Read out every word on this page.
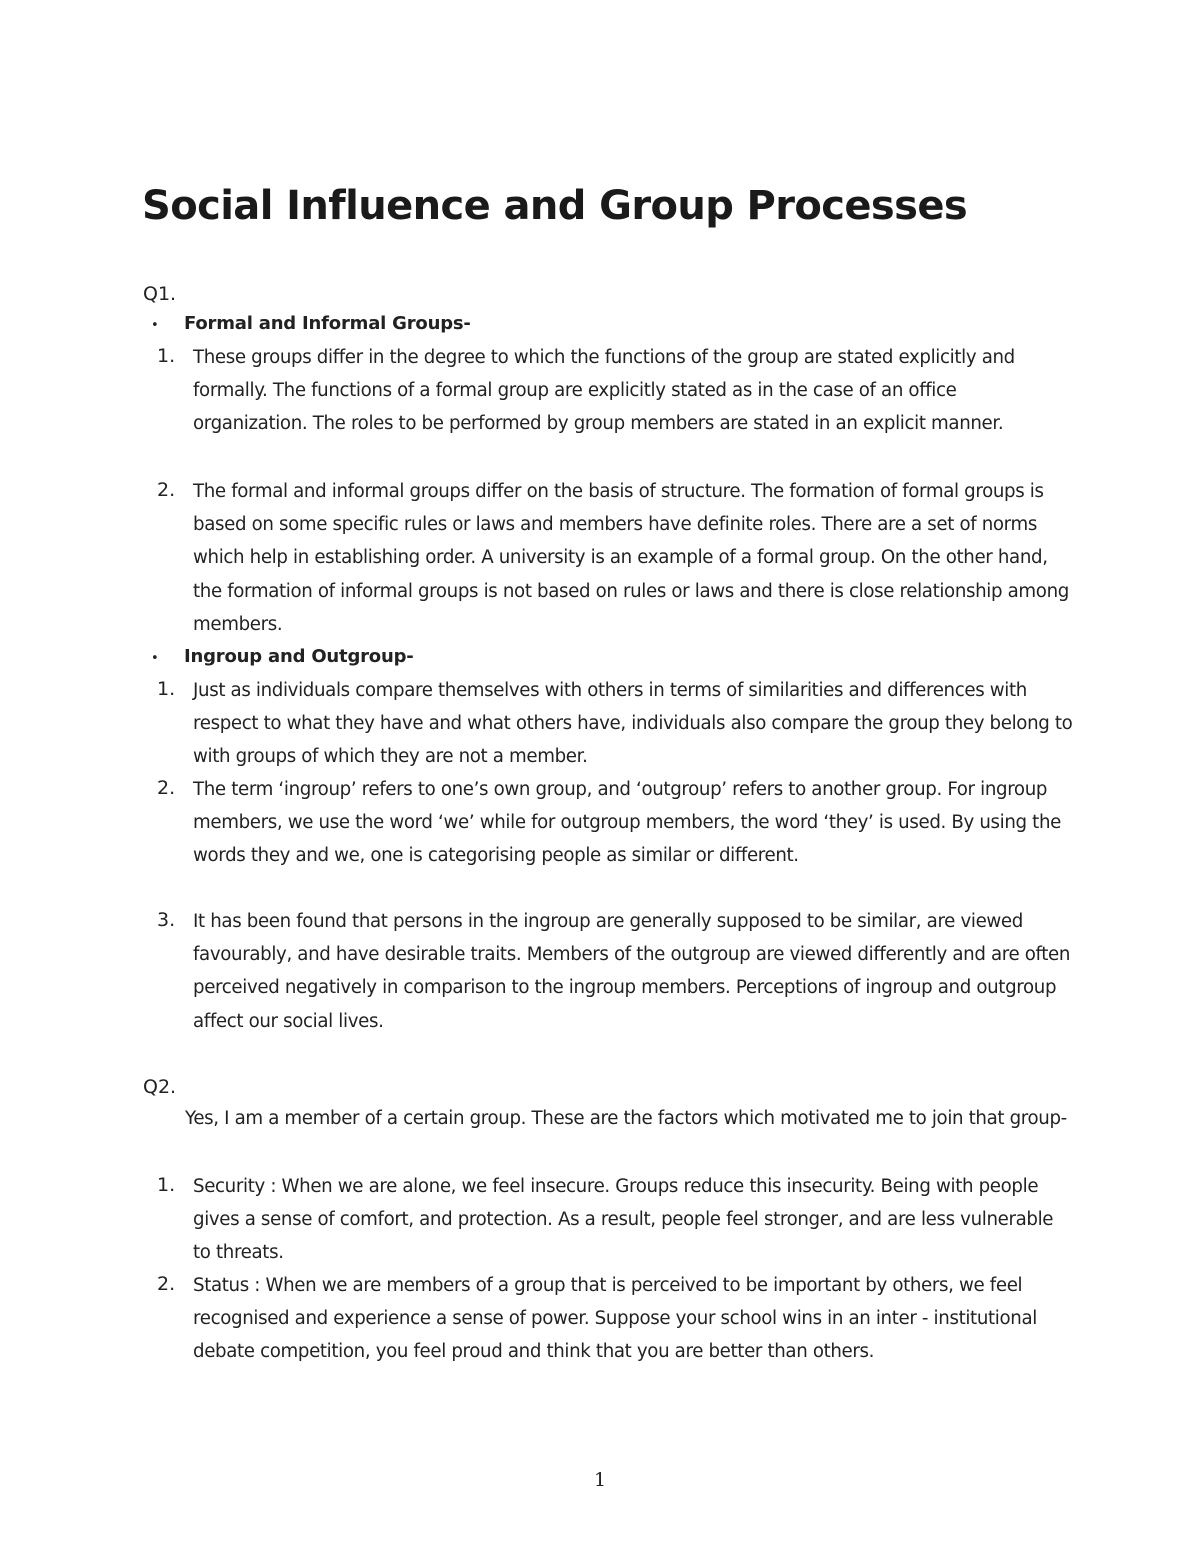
Social Influence and Group Processes
Q1.
• Formal and Informal Groups-
1. These groups differ in the degree to which the functions of the group are stated explicitly and formally. The functions of a formal group are explicitly stated as in the case of an office organization. The roles to be performed by group members are stated in an explicit manner.

2. The formal and informal groups differ on the basis of structure. The formation of formal groups is based on some specific rules or laws and members have definite roles. There are a set of norms which help in establishing order. A university is an example of a formal group. On the other hand, the formation of informal groups is not based on rules or laws and there is close relationship among members.

• Ingroup and Outgroup-
1. Just as individuals compare themselves with others in terms of similarities and differences with respect to what they have and what others have, individuals also compare the group they belong to with groups of which they are not a member.

2. The term ‘ingroup’ refers to one’s own group, and ‘outgroup’ refers to another group. For ingroup members, we use the word ‘we’ while for outgroup members, the word ‘they’ is used. By using the words they and we, one is categorising people as similar or different.

3. It has been found that persons in the ingroup are generally supposed to be similar, are viewed favourably, and have desirable traits. Members of the outgroup are viewed differently and are often perceived negatively in comparison to the ingroup members. Perceptions of ingroup and outgroup affect our social lives.

Q2.

Yes, I am a member of a certain group. These are the factors which motivated me to join that group-

1. Security : When we are alone, we feel insecure. Groups reduce this insecurity. Being with people gives a sense of comfort, and protection. As a result, people feel stronger, and are less vulnerable to threats.

2. Status : When we are members of a group that is perceived to be important by others, we feel recognised and experience a sense of power. Suppose your school wins in an inter - institutional debate competition, you feel proud and think that you are better than others.

1
